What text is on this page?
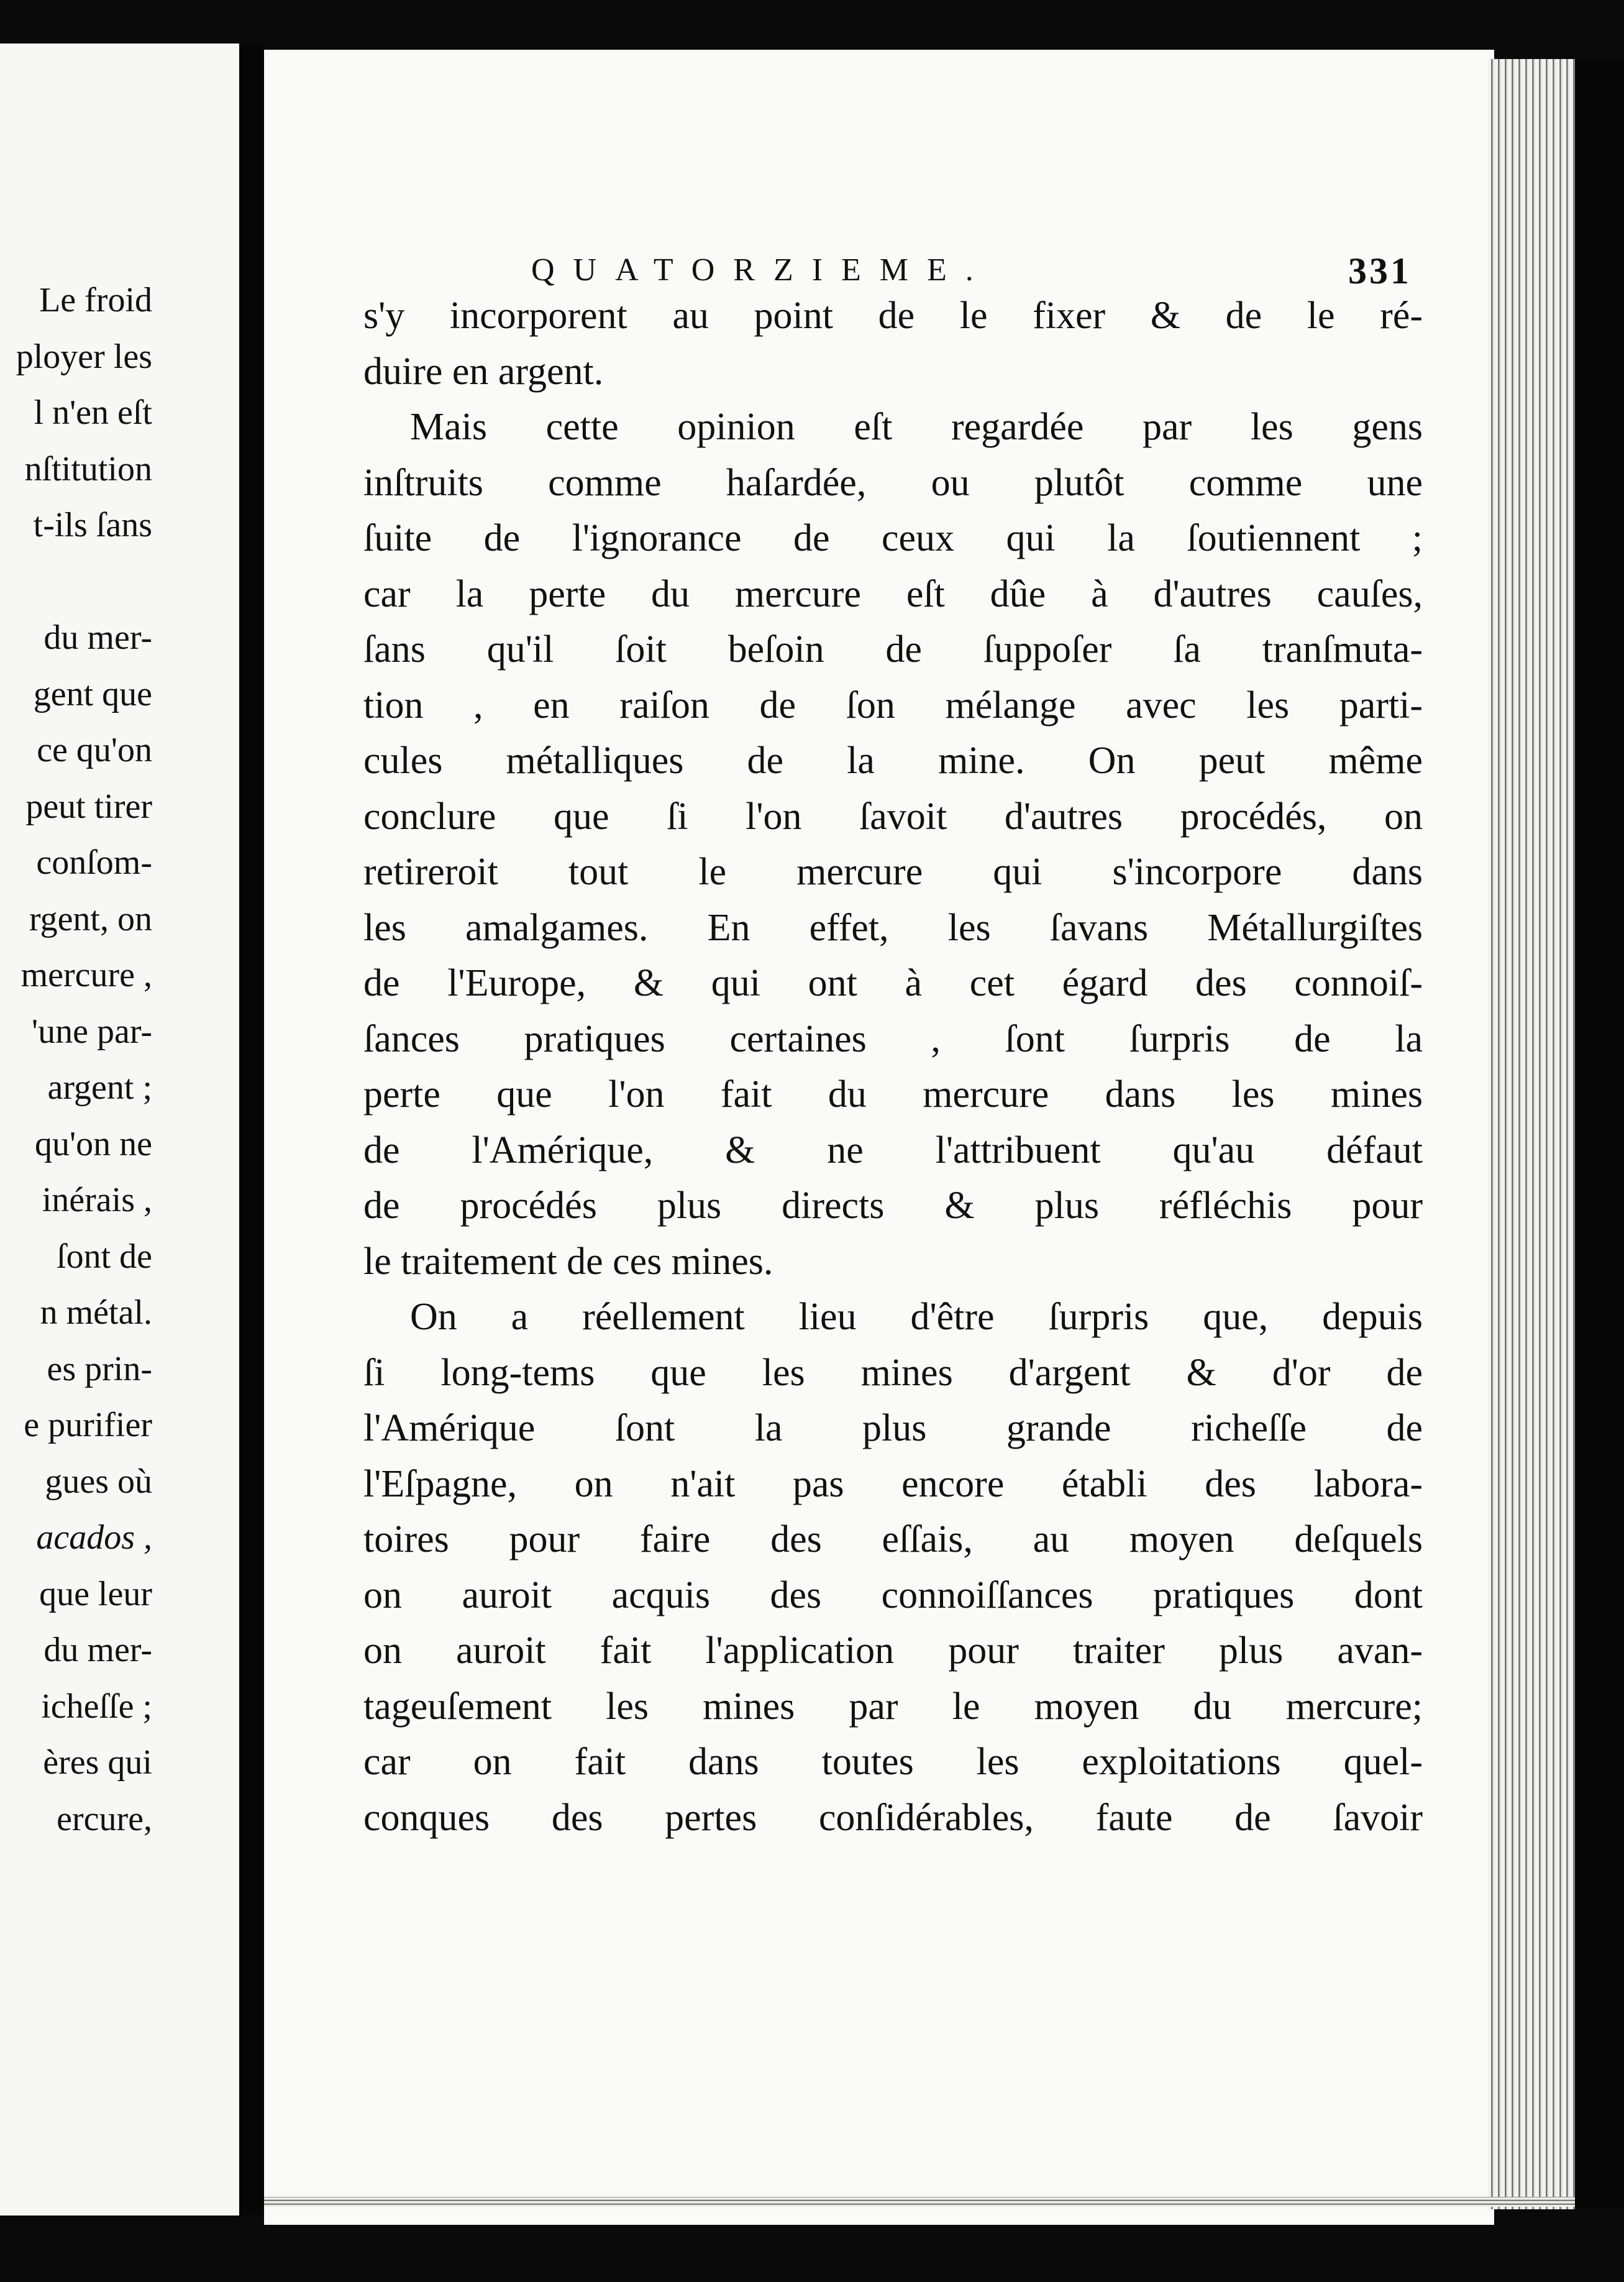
Le froid
ployer les
l n'en eſt
nſtitution
t-ils ſans
du mer-
gent que
ce qu'on
peut tirer
conſom-
rgent, on
mercure ,
'une par-
argent ;
qu'on ne
inérais ,
ſont de
n métal.
es prin-
e purifier
gues où
acados ,
que leur
du mer-
icheſſe ;
ères qui
ercure,
QUATORZIEME.	331
s'y incorporent au point de le fixer & de le ré-
duire en argent.
Mais cette opinion eſt regardée par les gens
inſtruits comme haſardée, ou plutôt comme une
ſuite de l'ignorance de ceux qui la ſoutiennent ;
car la perte du mercure eſt dûe à d'autres cauſes,
ſans qu'il ſoit beſoin de ſuppoſer ſa tranſmuta-
tion , en raiſon de ſon mélange avec les parti-
cules métalliques de la mine. On peut même
conclure que ſi l'on ſavoit d'autres procédés, on
retireroit tout le mercure qui s'incorpore dans
les amalgames. En effet, les ſavans Métallurgiſtes
de l'Europe, & qui ont à cet égard des connoiſ-
ſances pratiques certaines , ſont ſurpris de la
perte que l'on fait du mercure dans les mines
de l'Amérique, & ne l'attribuent qu'au défaut
de procédés plus directs & plus réfléchis pour
le traitement de ces mines.
On a réellement lieu d'être ſurpris que, depuis
ſi long-tems que les mines d'argent & d'or de
l'Amérique ſont la plus grande richeſſe de
l'Eſpagne, on n'ait pas encore établi des labora-
toires pour faire des eſſais, au moyen deſquels
on auroit acquis des connoiſſances pratiques dont
on auroit fait l'application pour traiter plus avan-
tageuſement les mines par le moyen du mercure;
car on fait dans toutes les exploitations quel-
conques des pertes conſidérables, faute de ſavoir
